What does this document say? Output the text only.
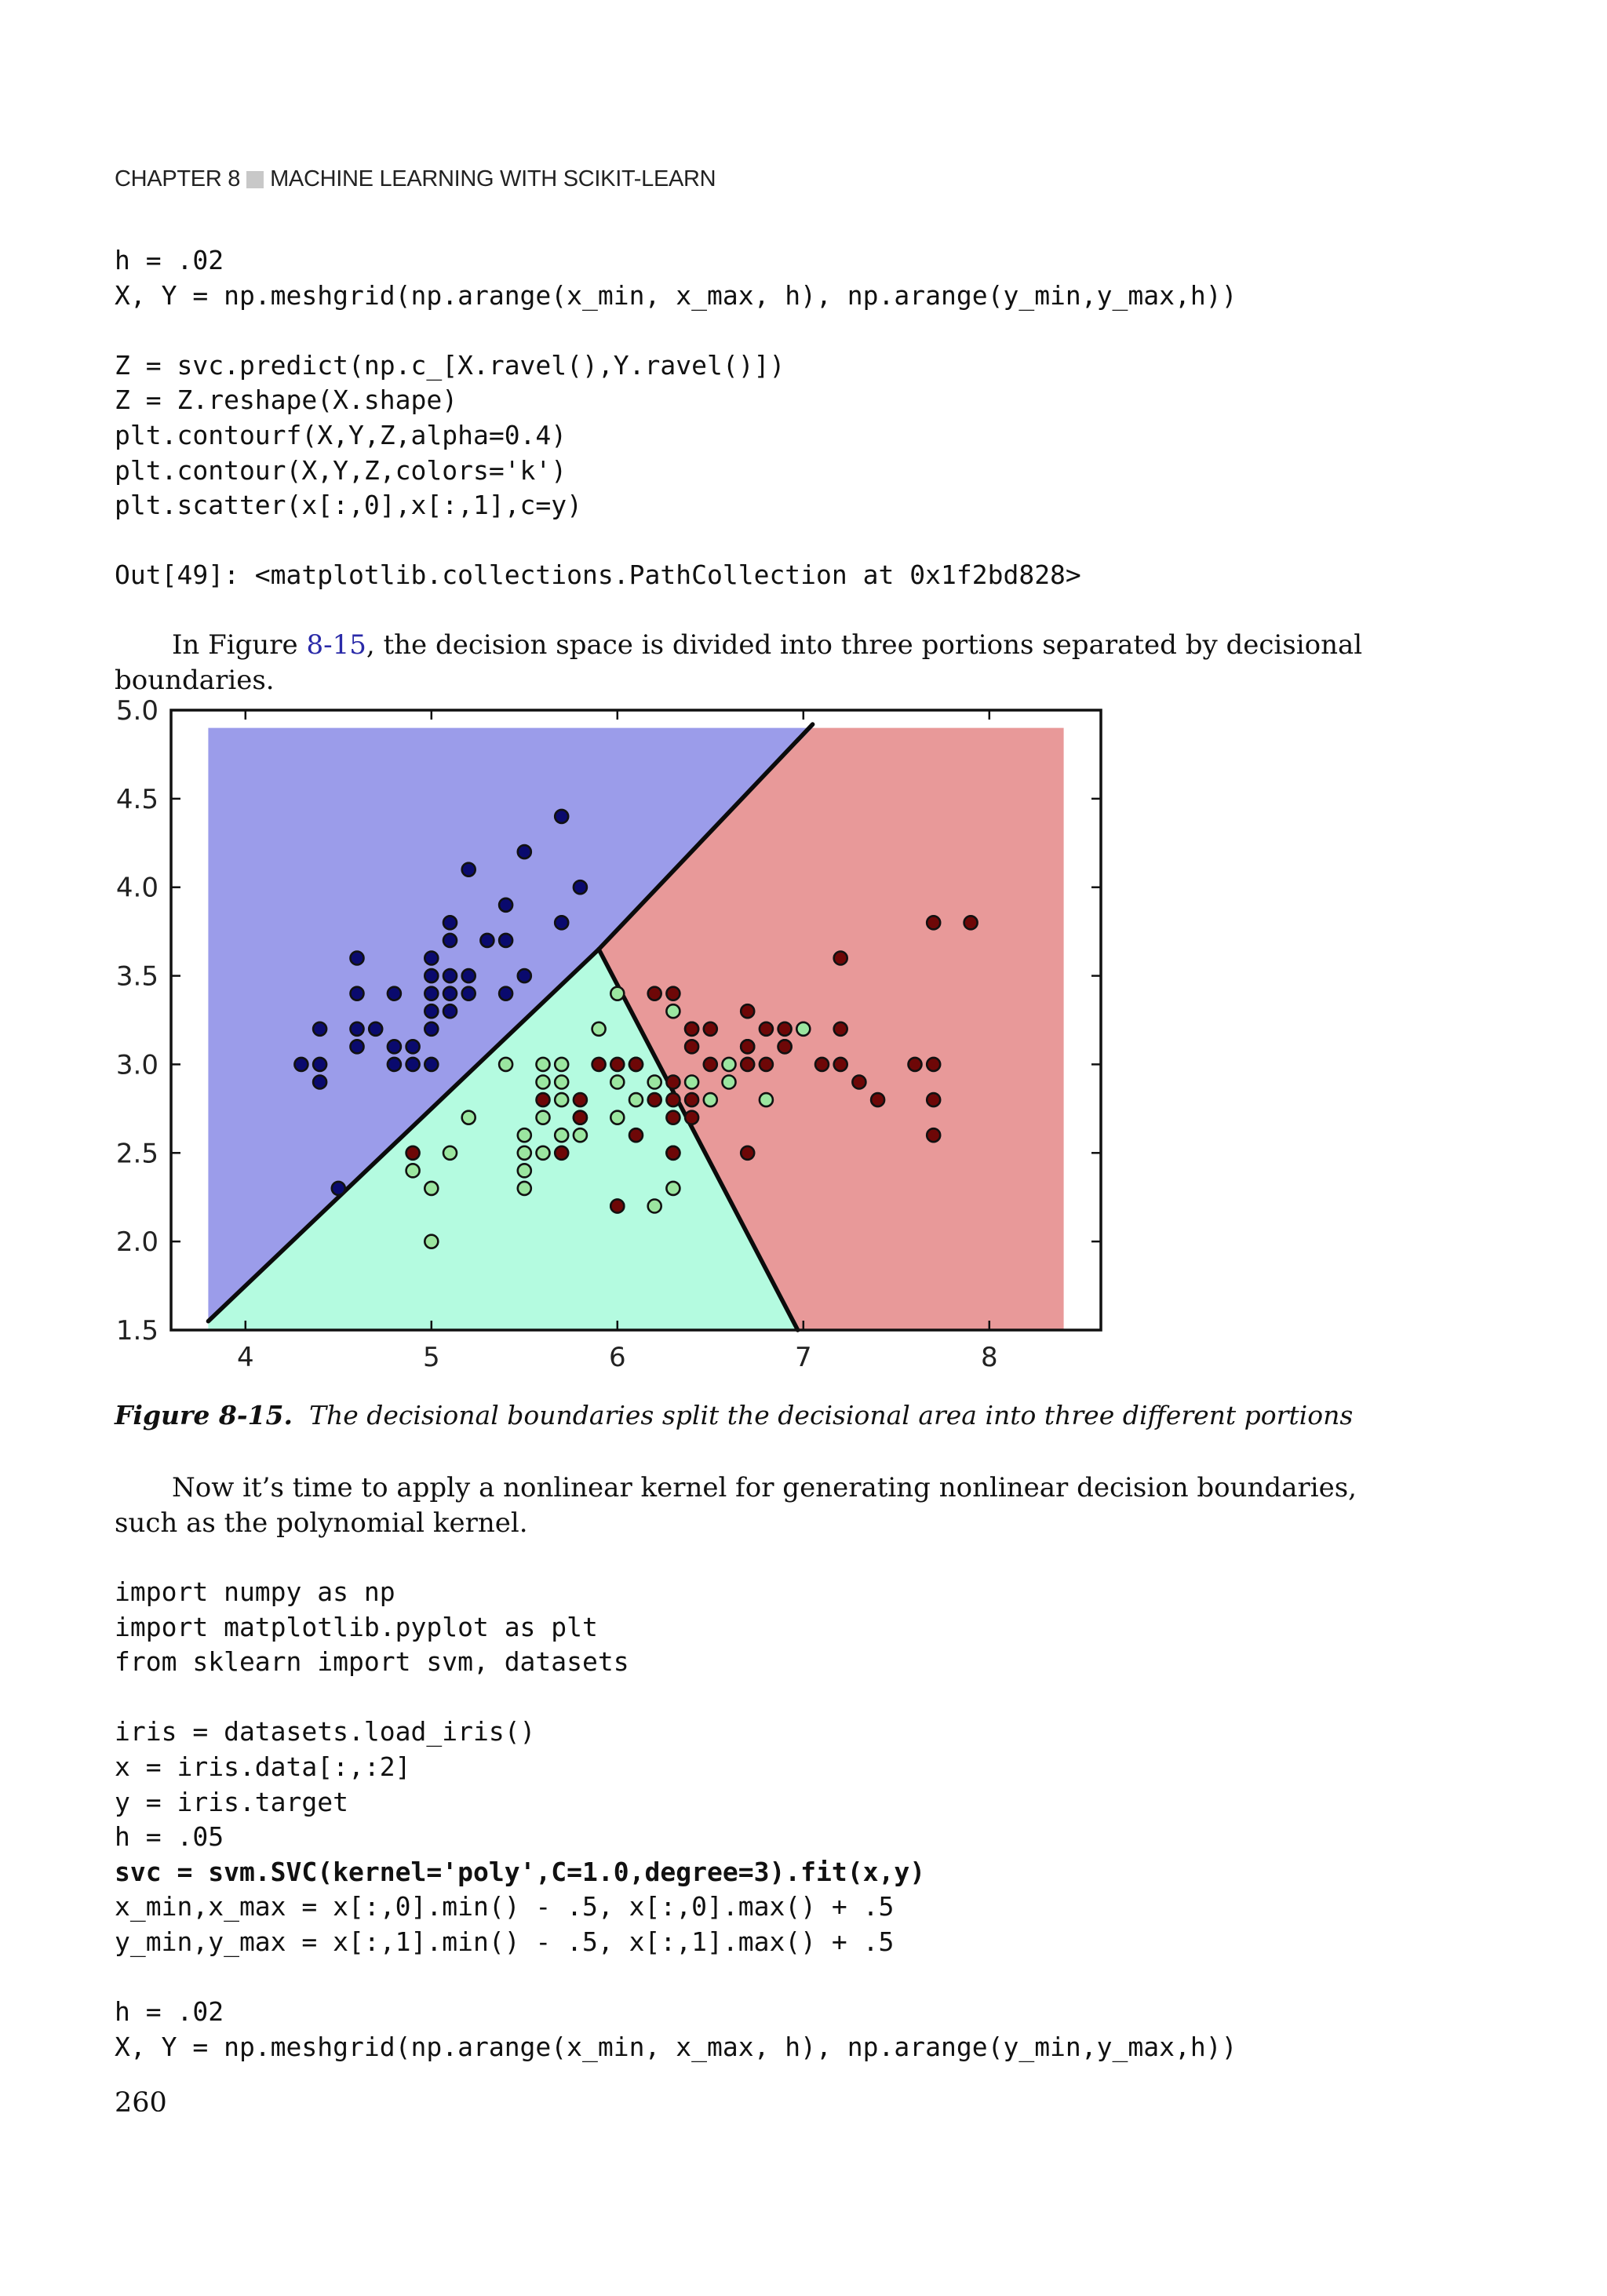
CHAPTER 8 MACHINE LEARNING WITH SCIKIT-LEARN
h = .02
X, Y = np.meshgrid(np.arange(x_min, x_max, h), np.arange(y_min,y_max,h))
Z = svc.predict(np.c_[X.ravel(),Y.ravel()])
Z = Z.reshape(X.shape)
plt.contourf(X,Y,Z,alpha=0.4)
plt.contour(X,Y,Z,colors='k')
plt.scatter(x[:,0],x[:,1],c=y)
Out[49]: <matplotlib.collections.PathCollection at 0x1f2bd828>
In Figure 8-15, the decision space is divided into three portions separated by decisional boundaries.
4	5	6	7	8
1.5
2.0
2.5
3.0
3.5
4.0
4.5
5.0
Figure 8-15. The decisional boundaries split the decisional area into three different portions
Now it’s time to apply a nonlinear kernel for generating nonlinear decision boundaries, such as the polynomial kernel.
import numpy as np
import matplotlib.pyplot as plt
from sklearn import svm, datasets
iris = datasets.load_iris()
x = iris.data[:,:2]
y = iris.target
h = .05
svc = svm.SVC(kernel='poly',C=1.0,degree=3).fit(x,y)
x_min,x_max = x[:,0].min() - .5, x[:,0].max() + .5
y_min,y_max = x[:,1].min() - .5, x[:,1].max() + .5
h = .02
X, Y = np.meshgrid(np.arange(x_min, x_max, h), np.arange(y_min,y_max,h))
260
